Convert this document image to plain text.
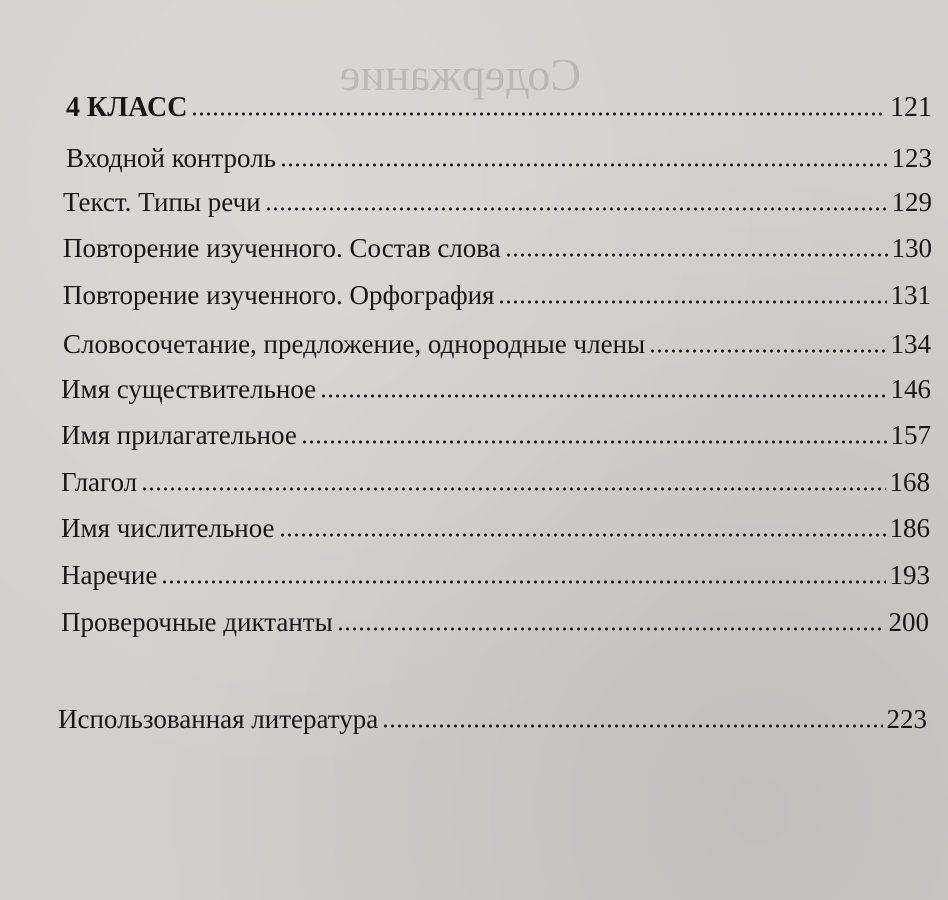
Содержание
4 КЛАСС	121
Входной контроль	123
Текст. Типы речи	129
Повторение изученного. Состав слова	130
Повторение изученного. Орфография	131
Словосочетание, предложение, однородные члены	134
Имя существительное	146
Имя прилагательное	157
Глагол	168
Имя числительное	186
Наречие	193
Проверочные диктанты	200
Использованная литература	223
